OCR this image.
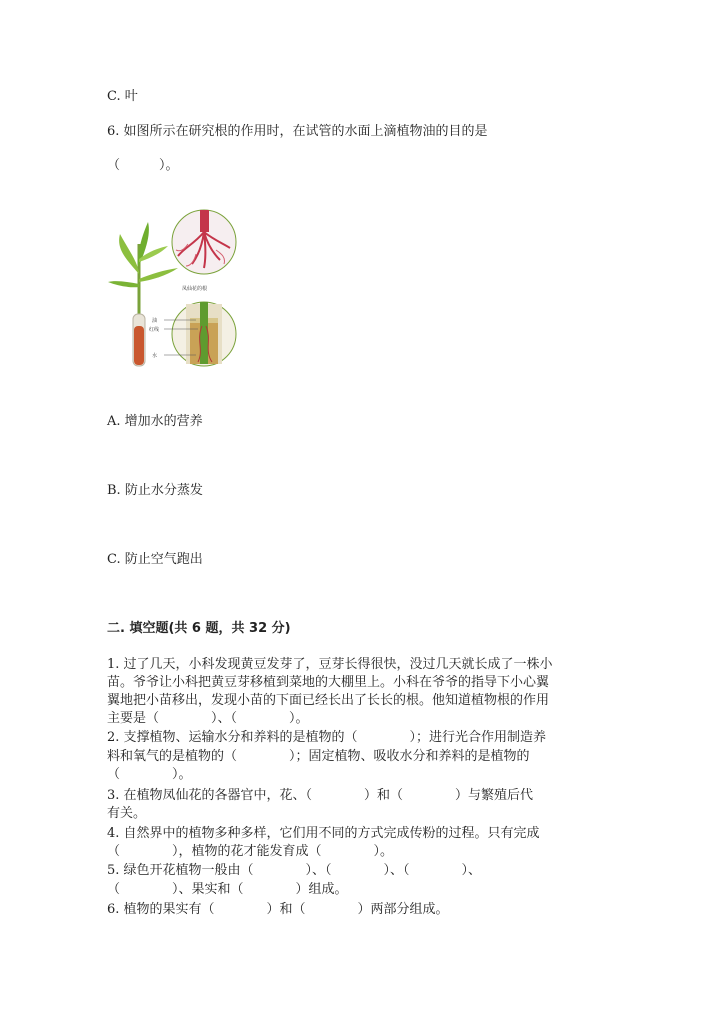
C. 叶
6. 如图所示在研究根的作用时，在试管的水面上滴植物油的目的是
（　　　）。
凤仙花的根
油
红线
水
A. 增加水的营养
B. 防止水分蒸发
C. 防止空气跑出
二. 填空题(共 6 题，共 32 分)
1. 过了几天，小科发现黄豆发芽了，豆芽长得很快，没过几天就长成了一株小
苗。爷爷让小科把黄豆芽移植到菜地的大棚里上。小科在爷爷的指导下小心翼
翼地把小苗移出，发现小苗的下面已经长出了长长的根。他知道植物根的作用
主要是（　　　　）、（　　　　）。
2. 支撑植物、运输水分和养料的是植物的（　　　　）；进行光合作用制造养
料和氧气的是植物的（　　　　）；固定植物、吸收水分和养料的是植物的
（　　　　）。
3. 在植物凤仙花的各器官中，花、（　　　　）和（　　　　）与繁殖后代
有关。
4. 自然界中的植物多种多样，它们用不同的方式完成传粉的过程。只有完成
（　　　　），植物的花才能发育成（　　　　）。
5. 绿色开花植物一般由（　　　　）、（　　　　）、（　　　　）、
（　　　　）、果实和（　　　　）组成。
6. 植物的果实有（　　　　）和（　　　　）两部分组成。
